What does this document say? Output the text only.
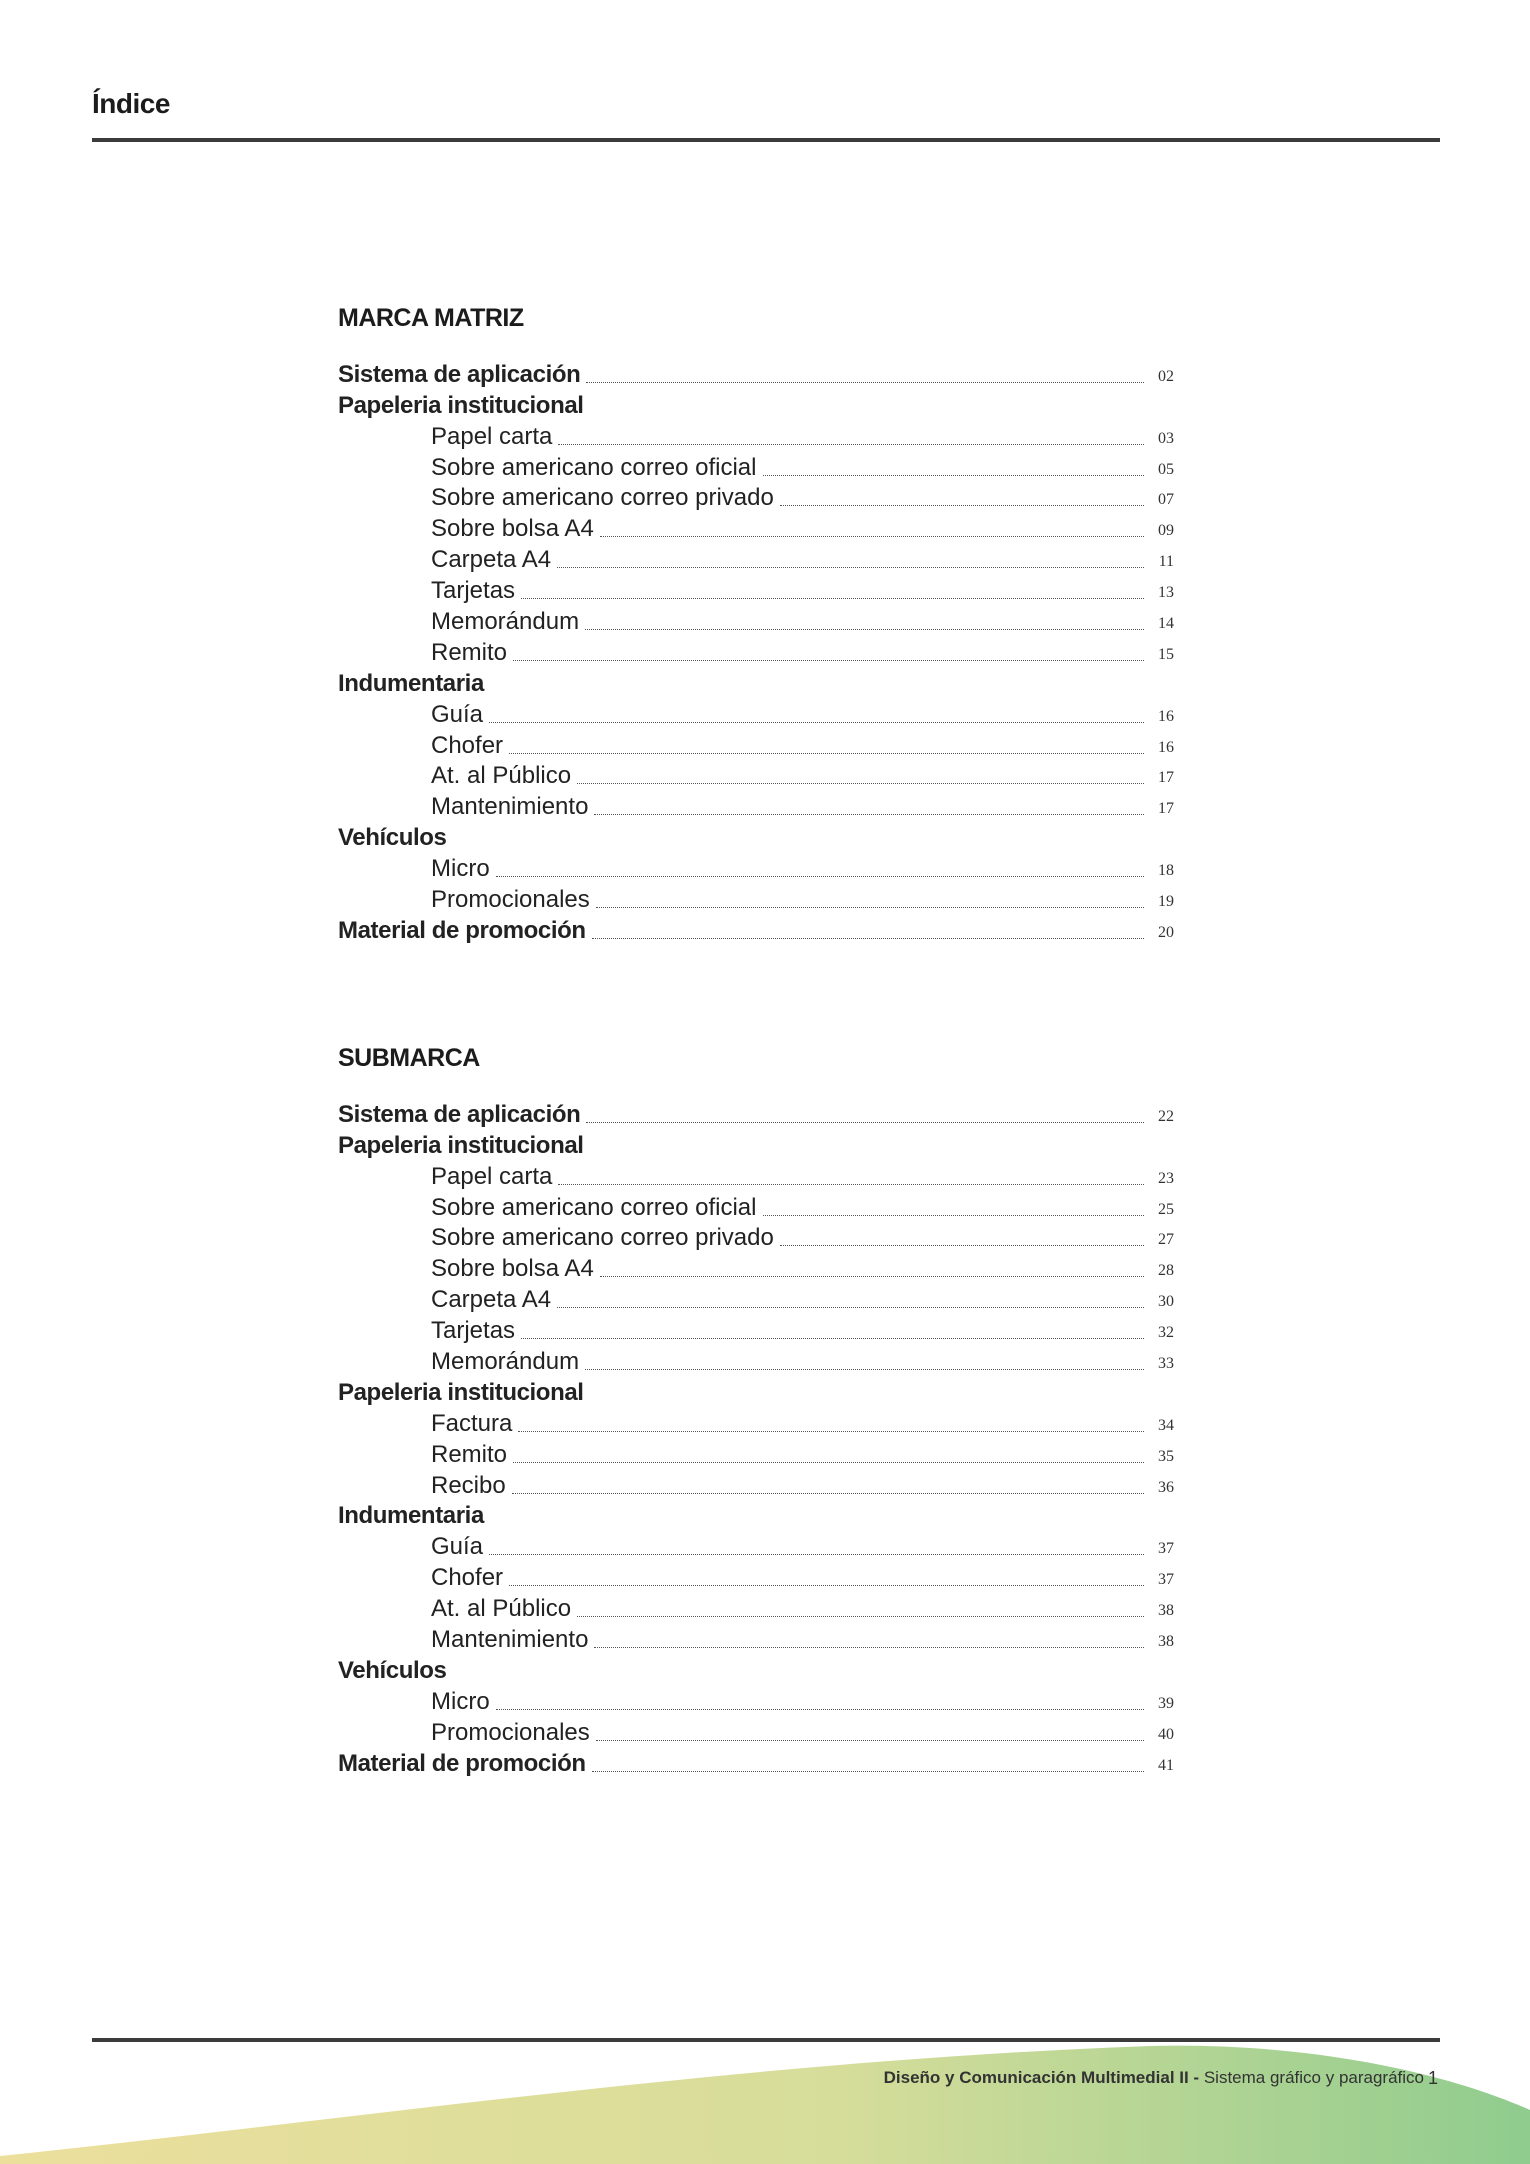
Índice
MARCA MATRIZ
Sistema de aplicación	02
Papeleria institucional
Papel carta	03
Sobre americano correo oficial	05
Sobre americano correo privado	07
Sobre bolsa A4	09
Carpeta A4	11
Tarjetas	13
Memorándum	14
Remito	15
Indumentaria
Guía	16
Chofer	16
At. al Público	17
Mantenimiento	17
Vehículos
Micro	18
Promocionales	19
Material de promoción	20
SUBMARCA
Sistema de aplicación	22
Papeleria institucional
Papel carta	23
Sobre americano correo oficial	25
Sobre americano correo privado	27
Sobre bolsa A4	28
Carpeta A4	30
Tarjetas	32
Memorándum	33
Papeleria institucional
Factura	34
Remito	35
Recibo	36
Indumentaria
Guía	37
Chofer	37
At. al Público	38
Mantenimiento	38
Vehículos
Micro	39
Promocionales	40
Material de promoción	41
Diseño y Comunicación Multimedial II - Sistema gráfico y paragráfico 1
